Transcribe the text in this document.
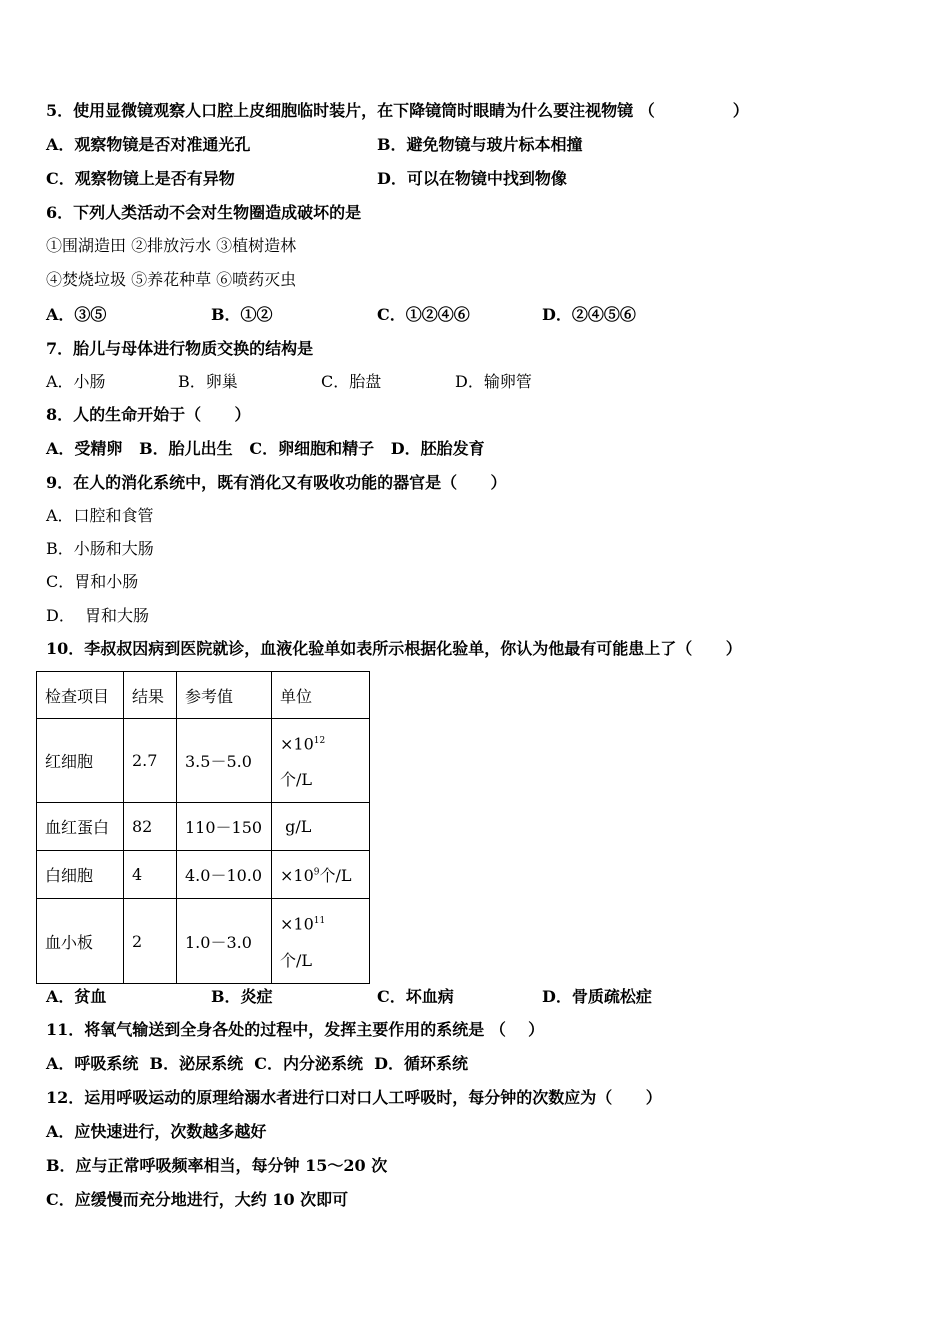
5．使用显微镜观察人口腔上皮细胞临时装片，在下降镜筒时眼睛为什么要注视物镜 （              ）
A．观察物镜是否对准通光孔	B．避免物镜与玻片标本相撞
C．观察物镜上是否有异物	D．可以在物镜中找到物像
6．下列人类活动不会对生物圈造成破坏的是
①围湖造田 ②排放污水 ③植树造林
④焚烧垃圾 ⑤养花种草 ⑥喷药灭虫
A．③⑤	B．①②	C．①②④⑥	D．②④⑤⑥
7．胎儿与母体进行物质交换的结构是
A．小肠	B．卵巢	C．胎盘	D．输卵管
8．人的生命开始于（      ）
A．受精卵   B．胎儿出生   C．卵细胞和精子   D．胚胎发育
9．在人的消化系统中，既有消化又有吸收功能的器官是（      ）
A．口腔和食管
B．小肠和大肠
C．胃和小肠
D．  胃和大肠
10．李叔叔因病到医院就诊，血液化验单如表所示根据化验单，你认为他最有可能患上了（      ）
检查项目	结果	参考值	单位
红细胞	2.7	3.5－5.0	$\times 10^{12}$
个/L
血红蛋白	82	110－150	g/L
白细胞	4	4.0－10.0	$\times 10^9$个/L
血小板	2	1.0－3.0	$\times 10^{11}$
个/L
A．贫血	B．炎症	C．坏血病	D．骨质疏松症
11．将氧气输送到全身各处的过程中，发挥主要作用的系统是 （    ）
A．呼吸系统  B．泌尿系统  C．内分泌系统  D．循环系统
12．运用呼吸运动的原理给溺水者进行口对口人工呼吸时，每分钟的次数应为（      ）
A．应快速进行，次数越多越好
B．应与正常呼吸频率相当，每分钟 15～20 次
C．应缓慢而充分地进行，大约 10 次即可
